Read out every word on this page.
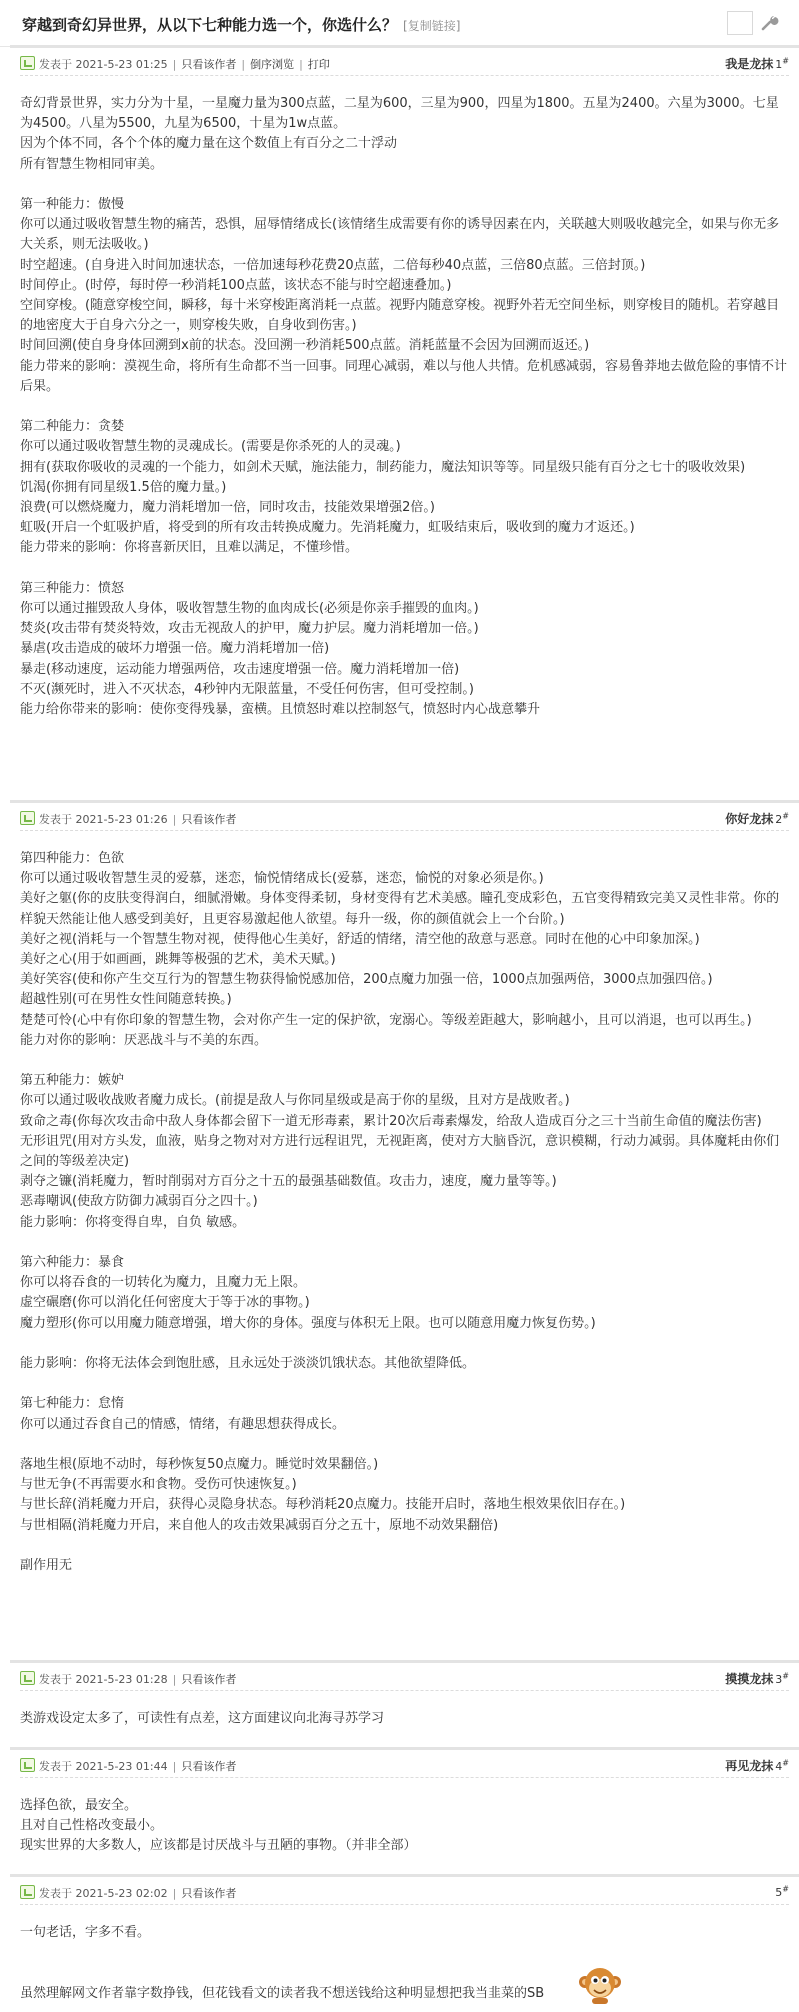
穿越到奇幻异世界，从以下七种能力选一个，你选什么？ [复制链接]
发表于 2021-5-23 01:25 | 只看该作者 | 倒序浏览 | 打印	我是龙抹 1#
奇幻背景世界，实力分为十星，一星魔力量为300点蓝，二星为600，三星为900，四星为1800。五星为2400。六星为3000。七星为4500。八星为5500，九星为6500，十星为1w点蓝。
因为个体不同，各个个体的魔力量在这个数值上有百分之二十浮动
所有智慧生物相同审美。
第一种能力：傲慢
你可以通过吸收智慧生物的痛苦，恐惧，屈辱情绪成长(该情绪生成需要有你的诱导因素在内，关联越大则吸收越完全，如果与你无多大关系，则无法吸收。)
时空超速。(自身进入时间加速状态，一倍加速每秒花费20点蓝，二倍每秒40点蓝，三倍80点蓝。三倍封顶。)
时间停止。(时停，每时停一秒消耗100点蓝，该状态不能与时空超速叠加。)
空间穿梭。(随意穿梭空间，瞬移，每十米穿梭距离消耗一点蓝。视野内随意穿梭。视野外若无空间坐标，则穿梭目的随机。若穿越目的地密度大于自身六分之一，则穿梭失败，自身收到伤害。)
时间回溯(使自身身体回溯到x前的状态。没回溯一秒消耗500点蓝。消耗蓝量不会因为回溯而返还。)
能力带来的影响：漠视生命，将所有生命都不当一回事。同理心减弱，难以与他人共情。危机感减弱，容易鲁莽地去做危险的事情不计后果。
第二种能力：贪婪
你可以通过吸收智慧生物的灵魂成长。(需要是你杀死的人的灵魂。)
拥有(获取你吸收的灵魂的一个能力，如剑术天赋，施法能力，制药能力，魔法知识等等。同星级只能有百分之七十的吸收效果)
饥渴(你拥有同星级1.5倍的魔力量。)
浪费(可以燃烧魔力，魔力消耗增加一倍，同时攻击，技能效果增强2倍。)
虹吸(开启一个虹吸护盾，将受到的所有攻击转换成魔力。先消耗魔力，虹吸结束后，吸收到的魔力才返还。)
能力带来的影响：你将喜新厌旧，且难以满足，不懂珍惜。
第三种能力：愤怒
你可以通过摧毁敌人身体，吸收智慧生物的血肉成长(必须是你亲手摧毁的血肉。)
焚炎(攻击带有焚炎特效，攻击无视敌人的护甲，魔力护层。魔力消耗增加一倍。)
暴虐(攻击造成的破坏力增强一倍。魔力消耗增加一倍)
暴走(移动速度，运动能力增强两倍，攻击速度增强一倍。魔力消耗增加一倍)
不灭(濒死时，进入不灭状态，4秒钟内无限蓝量，不受任何伤害，但可受控制。)
能力给你带来的影响：使你变得残暴，蛮横。且愤怒时难以控制怒气，愤怒时内心战意攀升
发表于 2021-5-23 01:26 | 只看该作者	你好龙抹 2#
第四种能力：色欲
你可以通过吸收智慧生灵的爱慕，迷恋，愉悦情绪成长(爱慕，迷恋，愉悦的对象必须是你。)
美好之躯(你的皮肤变得润白，细腻滑嫩。身体变得柔韧，身材变得有艺术美感。瞳孔变成彩色，五官变得精致完美又灵性非常。你的样貌天然能让他人感受到美好，且更容易激起他人欲望。每升一级，你的颜值就会上一个台阶。)
美好之视(消耗与一个智慧生物对视，使得他心生美好，舒适的情绪，清空他的敌意与恶意。同时在他的心中印象加深。)
美好之心(用于如画画，跳舞等极强的艺术，美术天赋。)
美好笑容(使和你产生交互行为的智慧生物获得愉悦感加倍，200点魔力加强一倍，1000点加强两倍，3000点加强四倍。)
超越性别(可在男性女性间随意转换。)
楚楚可怜(心中有你印象的智慧生物，会对你产生一定的保护欲，宠溺心。等级差距越大，影响越小，且可以消退，也可以再生。)
能力对你的影响：厌恶战斗与不美的东西。
第五种能力：嫉妒
你可以通过吸收战败者魔力成长。(前提是敌人与你同星级或是高于你的星级，且对方是战败者。)
致命之毒(你每次攻击命中敌人身体都会留下一道无形毒素，累计20次后毒素爆发，给敌人造成百分之三十当前生命值的魔法伤害)
无形诅咒(用对方头发，血液，贴身之物对对方进行远程诅咒，无视距离，使对方大脑昏沉，意识模糊，行动力减弱。具体魔耗由你们之间的等级差决定)
剥夺之镰(消耗魔力，暂时削弱对方百分之十五的最强基础数值。攻击力，速度，魔力量等等。)
恶毒嘲讽(使敌方防御力减弱百分之四十。)
能力影响：你将变得自卑，自负 敏感。
第六种能力：暴食
你可以将吞食的一切转化为魔力，且魔力无上限。
虚空碾磨(你可以消化任何密度大于等于冰的事物。)
魔力塑形(你可以用魔力随意增强，增大你的身体。强度与体积无上限。也可以随意用魔力恢复伤势。)
能力影响：你将无法体会到饱肚感，且永远处于淡淡饥饿状态。其他欲望降低。
第七种能力：怠惰
你可以通过吞食自己的情感，情绪，有趣思想获得成长。
落地生根(原地不动时，每秒恢复50点魔力。睡觉时效果翻倍。)
与世无争(不再需要水和食物。受伤可快速恢复。)
与世长辞(消耗魔力开启，获得心灵隐身状态。每秒消耗20点魔力。技能开启时，落地生根效果依旧存在。)
与世相隔(消耗魔力开启，来自他人的攻击效果减弱百分之五十，原地不动效果翻倍)
副作用无
发表于 2021-5-23 01:28 | 只看该作者	摸摸龙抹 3#
类游戏设定太多了，可读性有点差，这方面建议向北海寻苏学习
发表于 2021-5-23 01:44 | 只看该作者	再见龙抹 4#
选择色欲，最安全。
且对自己性格改变最小。
现实世界的大多数人，应该都是讨厌战斗与丑陋的事物。（并非全部）
发表于 2021-5-23 02:02 | 只看该作者	5#
一句老话，字多不看。
虽然理解网文作者靠字数挣钱，但花钱看文的读者我不想送钱给这种明显想把我当韭菜的SB
